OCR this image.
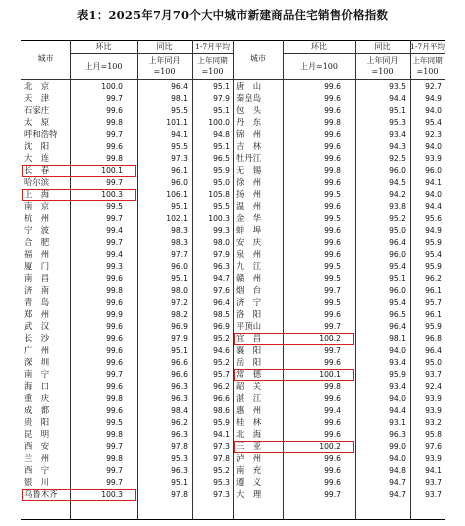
表1：2025年7月70个大中城市新建商品住宅销售价格指数
城市
环比
上月=100
同比
上年同月
=100
1-7月平均
上年同期
=100
城市
环比
上月=100
同比
上年同月
=100
1-7月平均
上年同期
=100
北　京	100.0	96.4	95.1
天　津	99.7	98.1	97.9
石家庄	99.6	95.5	95.1
太　原	99.8	101.1	100.0
呼和浩特	99.7	94.1	94.8
沈　阳	99.6	95.5	95.1
大　连	99.8	97.3	96.5
长　春	100.1	96.1	95.9
哈尔滨	99.7	96.0	95.0
上　海	100.3	106.1	105.8
南　京	99.5	95.1	95.5
杭　州	99.7	102.1	100.3
宁　波	99.4	98.3	99.3
合　肥	99.7	98.3	98.0
福　州	99.4	97.7	97.9
厦　门	99.3	96.0	96.3
南　昌	99.6	95.1	94.7
济　南	99.8	98.0	97.6
青　岛	99.6	97.2	96.4
郑　州	99.9	98.2	98.5
武　汉	99.6	96.9	96.9
长　沙	99.6	97.9	95.2
广　州	99.6	95.1	94.6
深　圳	99.6	96.6	95.2
南　宁	99.7	96.6	95.7
海　口	99.6	96.3	96.2
重　庆	99.8	96.3	96.6
成　都	99.6	98.4	98.6
贵　阳	99.5	96.2	95.9
昆　明	99.8	96.3	94.1
西　安	99.7	97.8	97.3
兰　州	99.8	95.3	97.8
西　宁	99.7	96.3	95.2
银　川	99.7	95.1	95.3
乌鲁木齐	100.3	97.8	97.3
唐　山	99.6	93.5	92.7
秦皇岛	99.6	94.4	94.9
包　头	99.6	95.1	94.0
丹　东	99.8	95.3	95.4
锦　州	99.6	93.4	92.3
吉　林	99.6	94.3	94.0
牡丹江	99.6	92.5	93.9
无　锡	99.8	96.0	96.0
徐　州	99.6	94.5	94.1
扬　州	99.5	94.2	94.0
温　州	99.6	93.8	94.4
金　华	99.5	95.2	95.6
蚌　埠	99.6	95.0	94.9
安　庆	99.6	96.4	95.9
泉　州	99.6	96.0	95.4
九　江	99.5	95.4	95.9
赣　州	99.5	95.1	96.2
烟　台	99.7	96.0	96.1
济　宁	99.5	95.4	95.7
洛　阳	99.6	96.5	96.1
平顶山	99.7	96.4	95.9
宜　昌	100.2	98.1	96.8
襄　阳	99.7	94.0	96.4
岳　阳	99.6	93.4	95.0
常　德	100.1	95.9	93.7
韶　关	99.8	93.4	92.4
湛　江	99.6	94.0	93.9
惠　州	99.4	94.4	93.9
桂　林	99.6	93.1	93.2
北　海	99.6	96.3	95.8
三　亚	100.2	99.0	97.6
泸　州	99.6	94.0	93.9
南　充	99.6	94.8	94.1
遵　义	99.6	94.7	93.7
大　理	99.7	94.7	93.7
